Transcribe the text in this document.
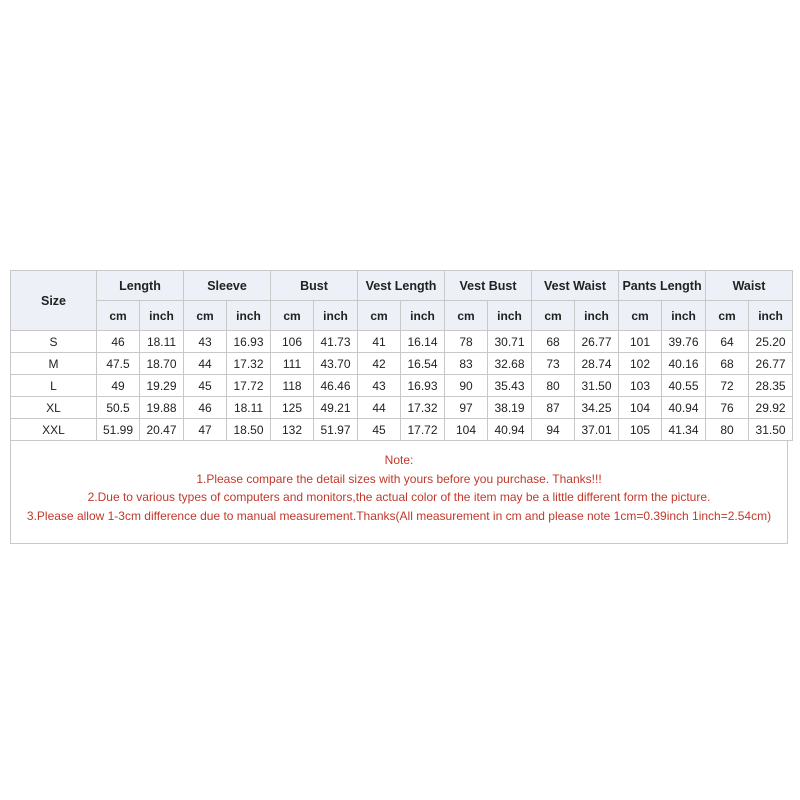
Size	Length		Sleeve		Bust		Vest Length		Vest Bust		Vest Waist		Pants Length		Waist	
	cm	inch	cm	inch	cm	inch	cm	inch	cm	inch	cm	inch	cm	inch	cm	inch
S	46	18.11	43	16.93	106	41.73	41	16.14	78	30.71	68	26.77	101	39.76	64	25.20
M	47.5	18.70	44	17.32	111	43.70	42	16.54	83	32.68	73	28.74	102	40.16	68	26.77
L	49	19.29	45	17.72	118	46.46	43	16.93	90	35.43	80	31.50	103	40.55	72	28.35
XL	50.5	19.88	46	18.11	125	49.21	44	17.32	97	38.19	87	34.25	104	40.94	76	29.92
XXL	51.99	20.47	47	18.50	132	51.97	45	17.72	104	40.94	94	37.01	105	41.34	80	31.50
Note:
1.Please compare the detail sizes with yours before you purchase. Thanks!!!
2.Due to various types of computers and monitors,the actual color of the item may be a little different form the picture.
3.Please allow 1-3cm difference due to manual measurement.Thanks(All measurement in cm and please note 1cm=0.39inch 1inch=2.54cm)
